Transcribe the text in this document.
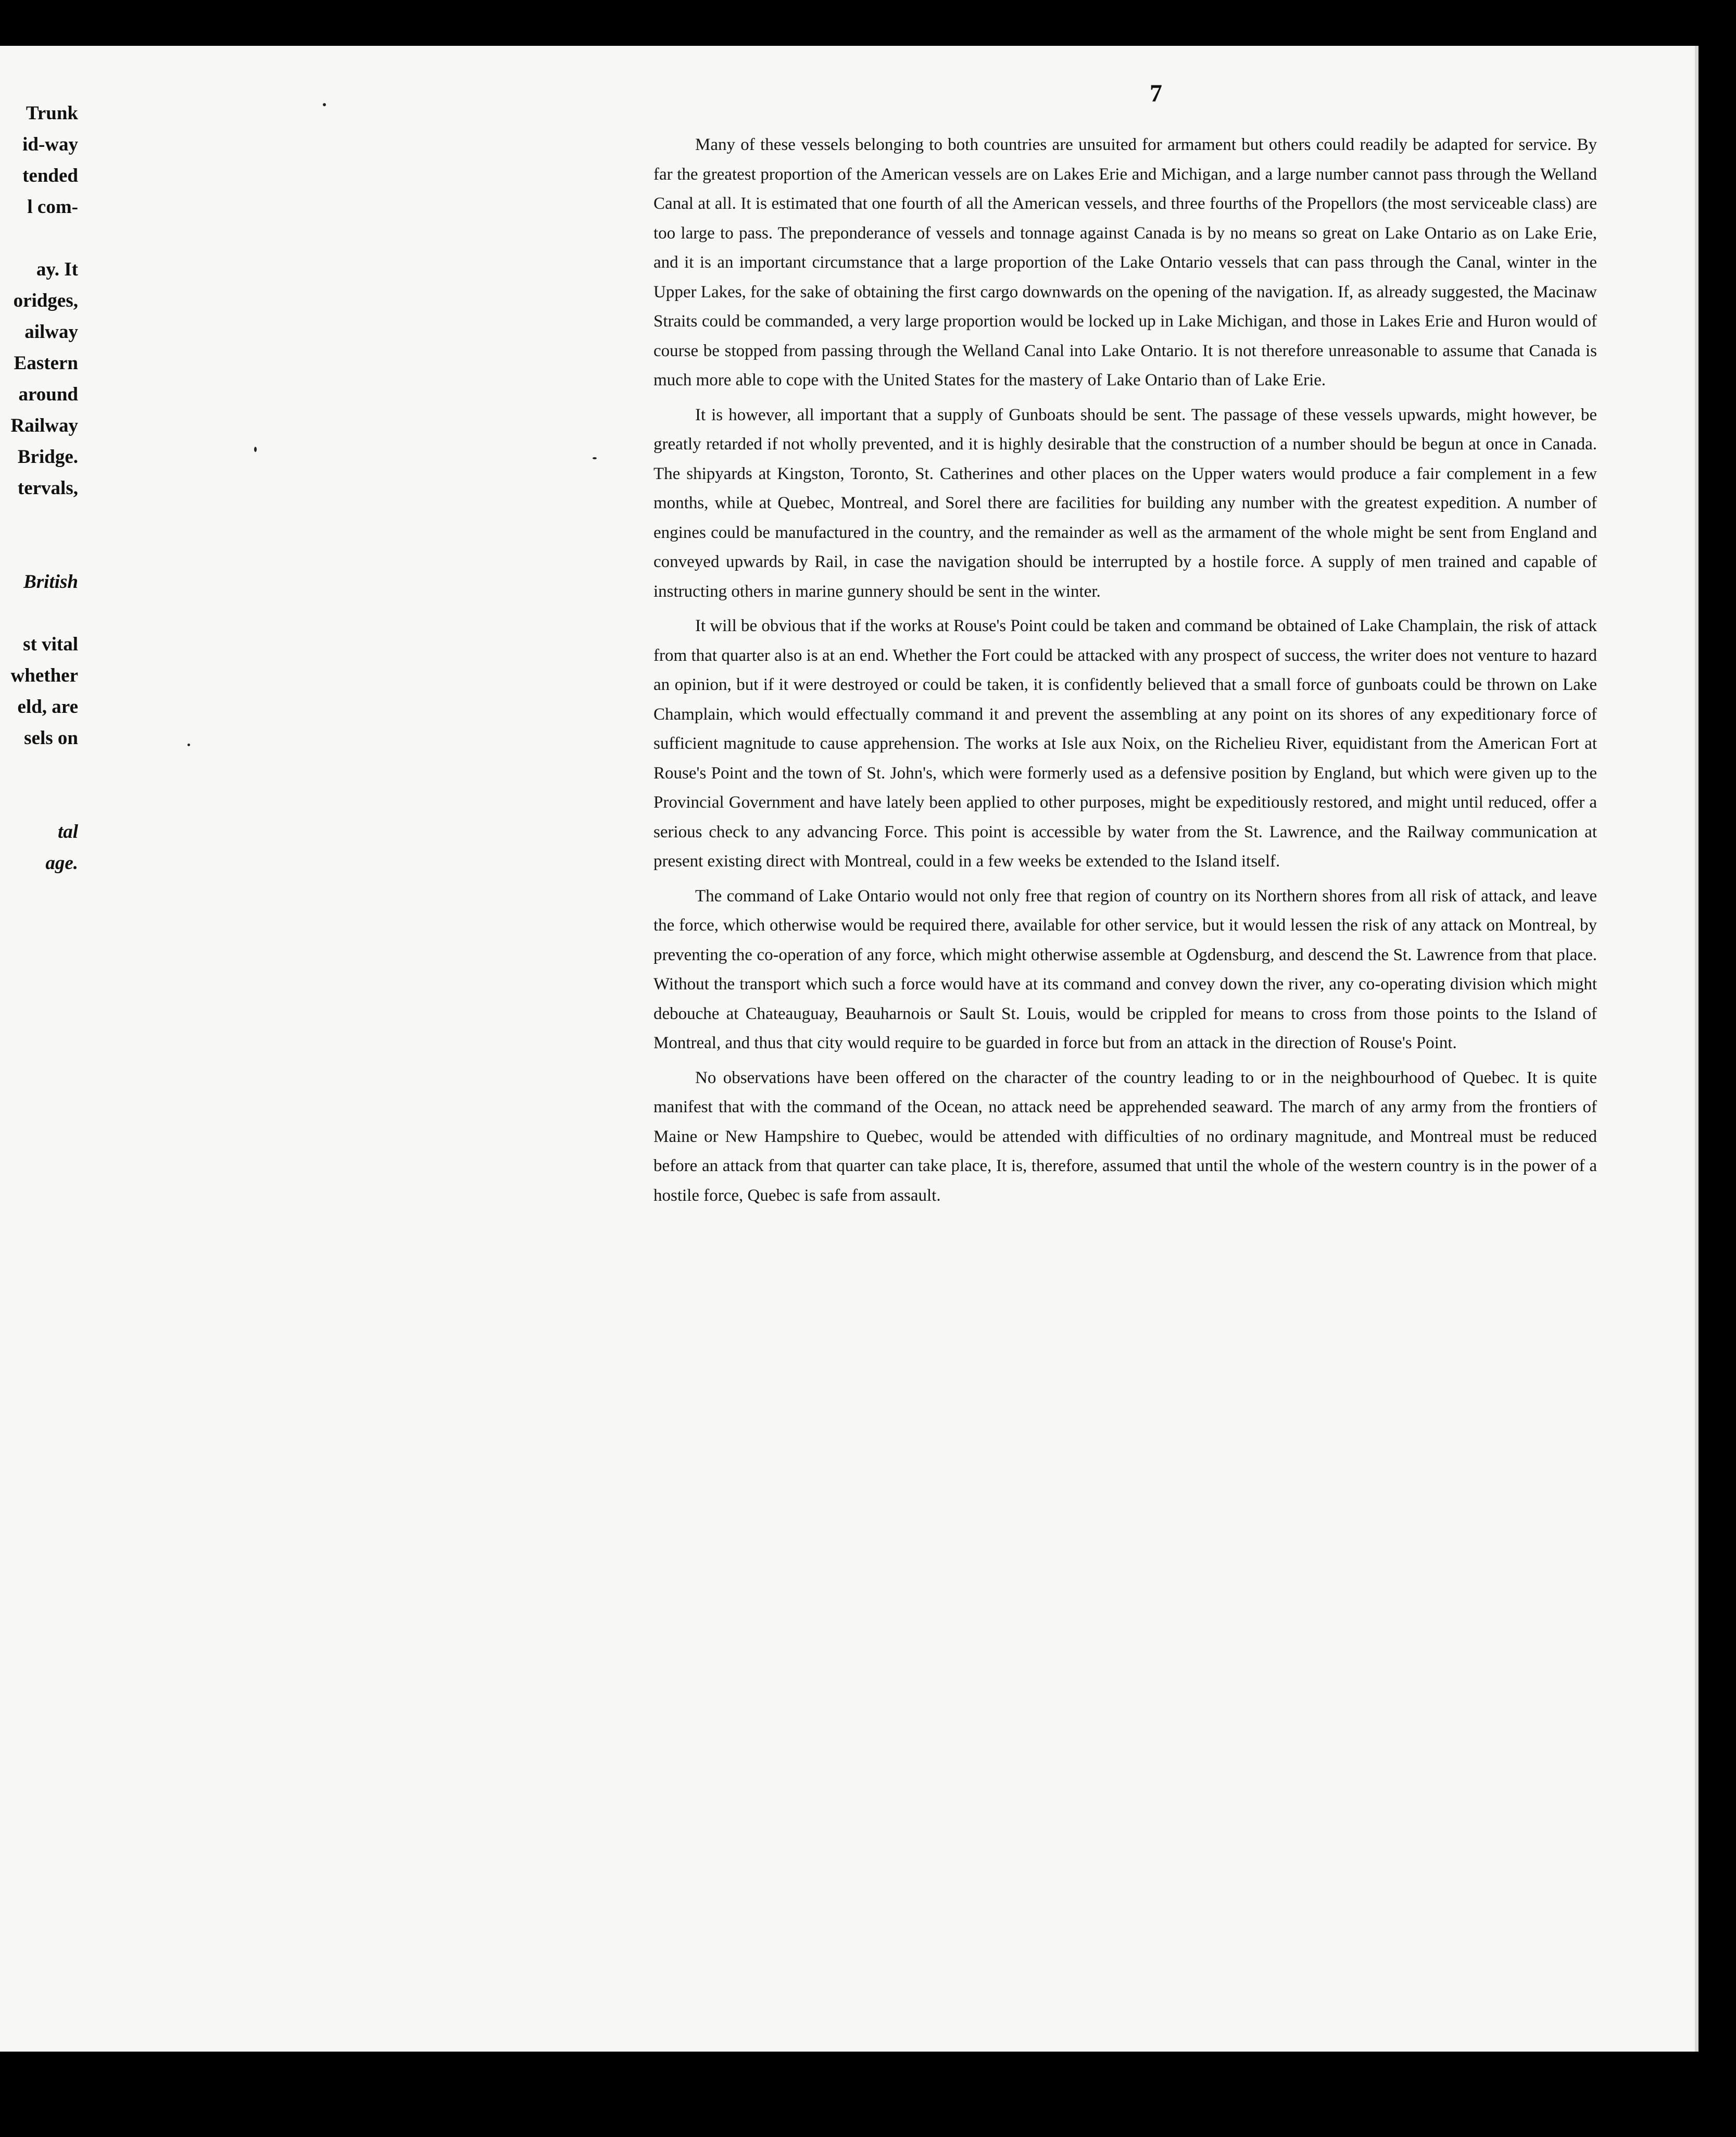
Trunk
id-way
tended
l com-

ay. It
oridges,
ailway
Eastern
around
Railway
Bridge.
tervals,

British

st vital
whether
eld, are
sels on

tal
age.
7

Many of these vessels belonging to both countries are unsuited for armament but others could readily be adapted for service. By far the greatest proportion of the American vessels are on Lakes Erie and Michigan, and a large number cannot pass through the Welland Canal at all. It is estimated that one fourth of all the American vessels, and three fourths of the Propellors (the most serviceable class) are too large to pass. The preponderance of vessels and tonnage against Canada is by no means so great on Lake Ontario as on Lake Erie, and it is an important circumstance that a large proportion of the Lake Ontario vessels that can pass through the Canal, winter in the Upper Lakes, for the sake of obtaining the first cargo downwards on the opening of the navigation. If, as already suggested, the Macinaw Straits could be commanded, a very large proportion would be locked up in Lake Michigan, and those in Lakes Erie and Huron would of course be stopped from passing through the Welland Canal into Lake Ontario. It is not therefore unreasonable to assume that Canada is much more able to cope with the United States for the mastery of Lake Ontario than of Lake Erie.

It is however, all important that a supply of Gunboats should be sent. The passage of these vessels upwards, might however, be greatly retarded if not wholly prevented, and it is highly desirable that the construction of a number should be begun at once in Canada. The shipyards at Kingston, Toronto, St. Catherines and other places on the Upper waters would produce a fair complement in a few months, while at Quebec, Montreal, and Sorel there are facilities for building any number with the greatest expedition. A number of engines could be manufactured in the country, and the remainder as well as the armament of the whole might be sent from England and conveyed upwards by Rail, in case the navigation should be interrupted by a hostile force. A supply of men trained and capable of instructing others in marine gunnery should be sent in the winter.

It will be obvious that if the works at Rouse's Point could be taken and command be obtained of Lake Champlain, the risk of attack from that quarter also is at an end. Whether the Fort could be attacked with any prospect of success, the writer does not venture to hazard an opinion, but if it were destroyed or could be taken, it is confidently believed that a small force of gunboats could be thrown on Lake Champlain, which would effectually command it and prevent the assembling at any point on its shores of any expeditionary force of sufficient magnitude to cause apprehension. The works at Isle aux Noix, on the Richelieu River, equidistant from the American Fort at Rouse's Point and the town of St. John's, which were formerly used as a defensive position by England, but which were given up to the Provincial Government and have lately been applied to other purposes, might be expeditiously restored, and might until reduced, offer a serious check to any advancing Force. This point is accessible by water from the St. Lawrence, and the Railway communication at present existing direct with Montreal, could in a few weeks be extended to the Island itself.

The command of Lake Ontario would not only free that region of country on its Northern shores from all risk of attack, and leave the force, which otherwise would be required there, available for other service, but it would lessen the risk of any attack on Montreal, by preventing the co-operation of any force, which might otherwise assemble at Ogdensburg, and descend the St. Lawrence from that place. Without the transport which such a force would have at its command and convey down the river, any co-operating division which might debouche at Chateauguay, Beauharnois or Sault St. Louis, would be crippled for means to cross from those points to the Island of Montreal, and thus that city would require to be guarded in force but from an attack in the direction of Rouse's Point.

No observations have been offered on the character of the country leading to or in the neighbourhood of Quebec. It is quite manifest that with the command of the Ocean, no attack need be apprehended seaward. The march of any army from the frontiers of Maine or New Hampshire to Quebec, would be attended with difficulties of no ordinary magnitude, and Montreal must be reduced before an attack from that quarter can take place, It is, therefore, assumed that until the whole of the western country is in the power of a hostile force, Quebec is safe from assault.
